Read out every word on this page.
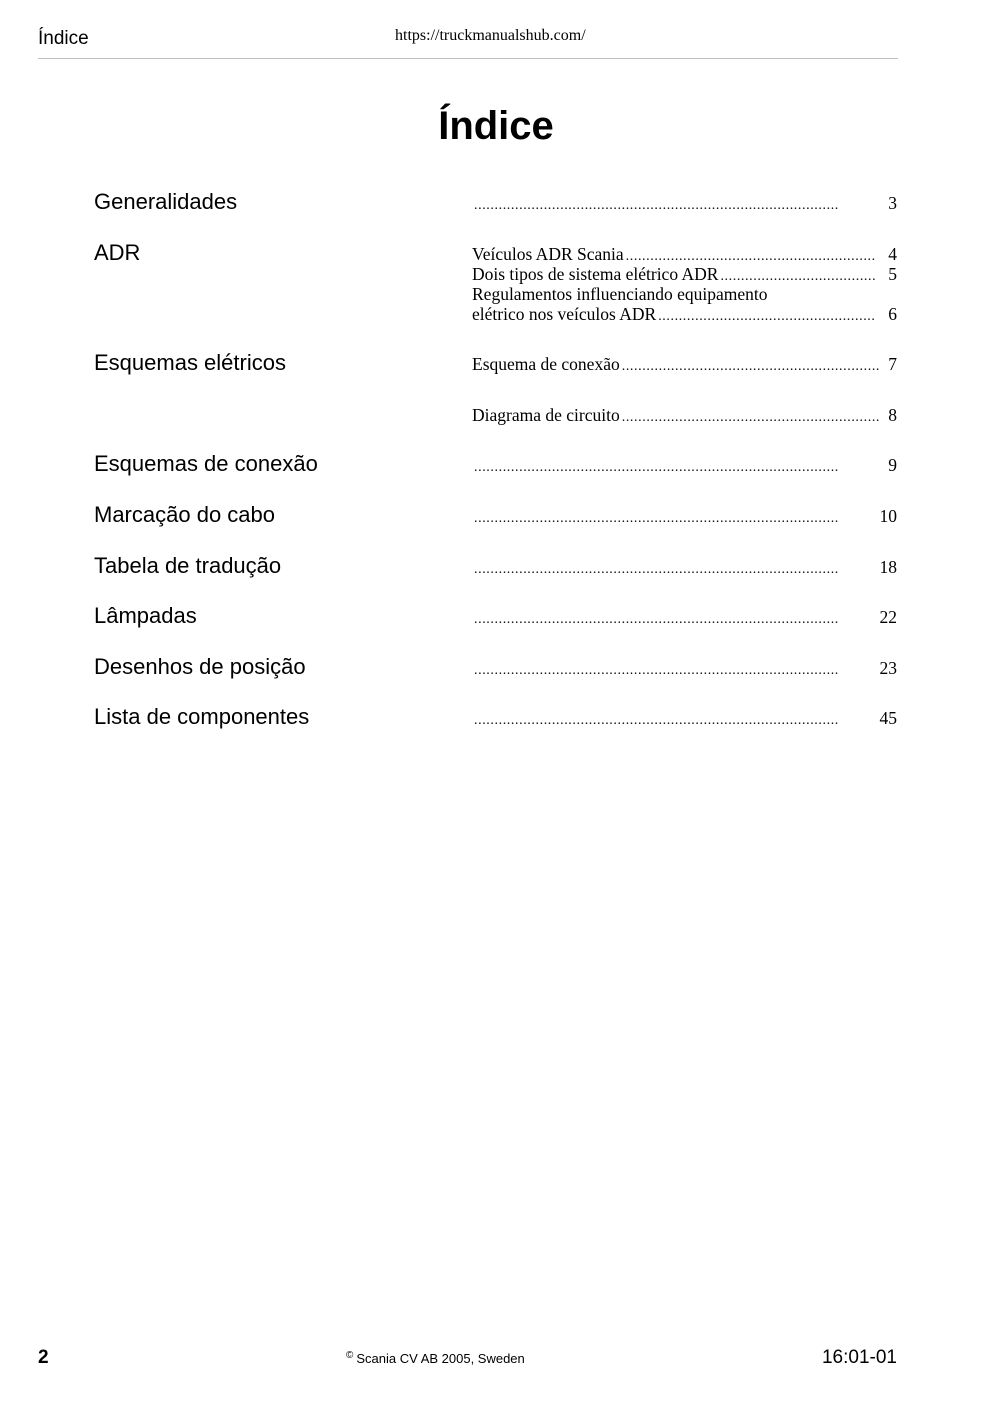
Índice	https://truckmanualshub.com/
Índice
Generalidades	.........................................................................................	3
ADR	Veículos ADR Scania ............................................................. 4
Dois tipos de sistema elétrico ADR ...................................... 5
Regulamentos influenciando equipamento
elétrico nos veículos ADR ..................................................... 6
Esquemas elétricos	Esquema de conexão ............................................................... 7
Diagrama de circuito ............................................................... 8
Esquemas de conexão	.........................................................................................	9
Marcação do cabo	.........................................................................................	10
Tabela de tradução	.........................................................................................	18
Lâmpadas	.........................................................................................	22
Desenhos de posição	.........................................................................................	23
Lista de componentes	.........................................................................................	45
2	© Scania CV AB 2005, Sweden	16:01-01
